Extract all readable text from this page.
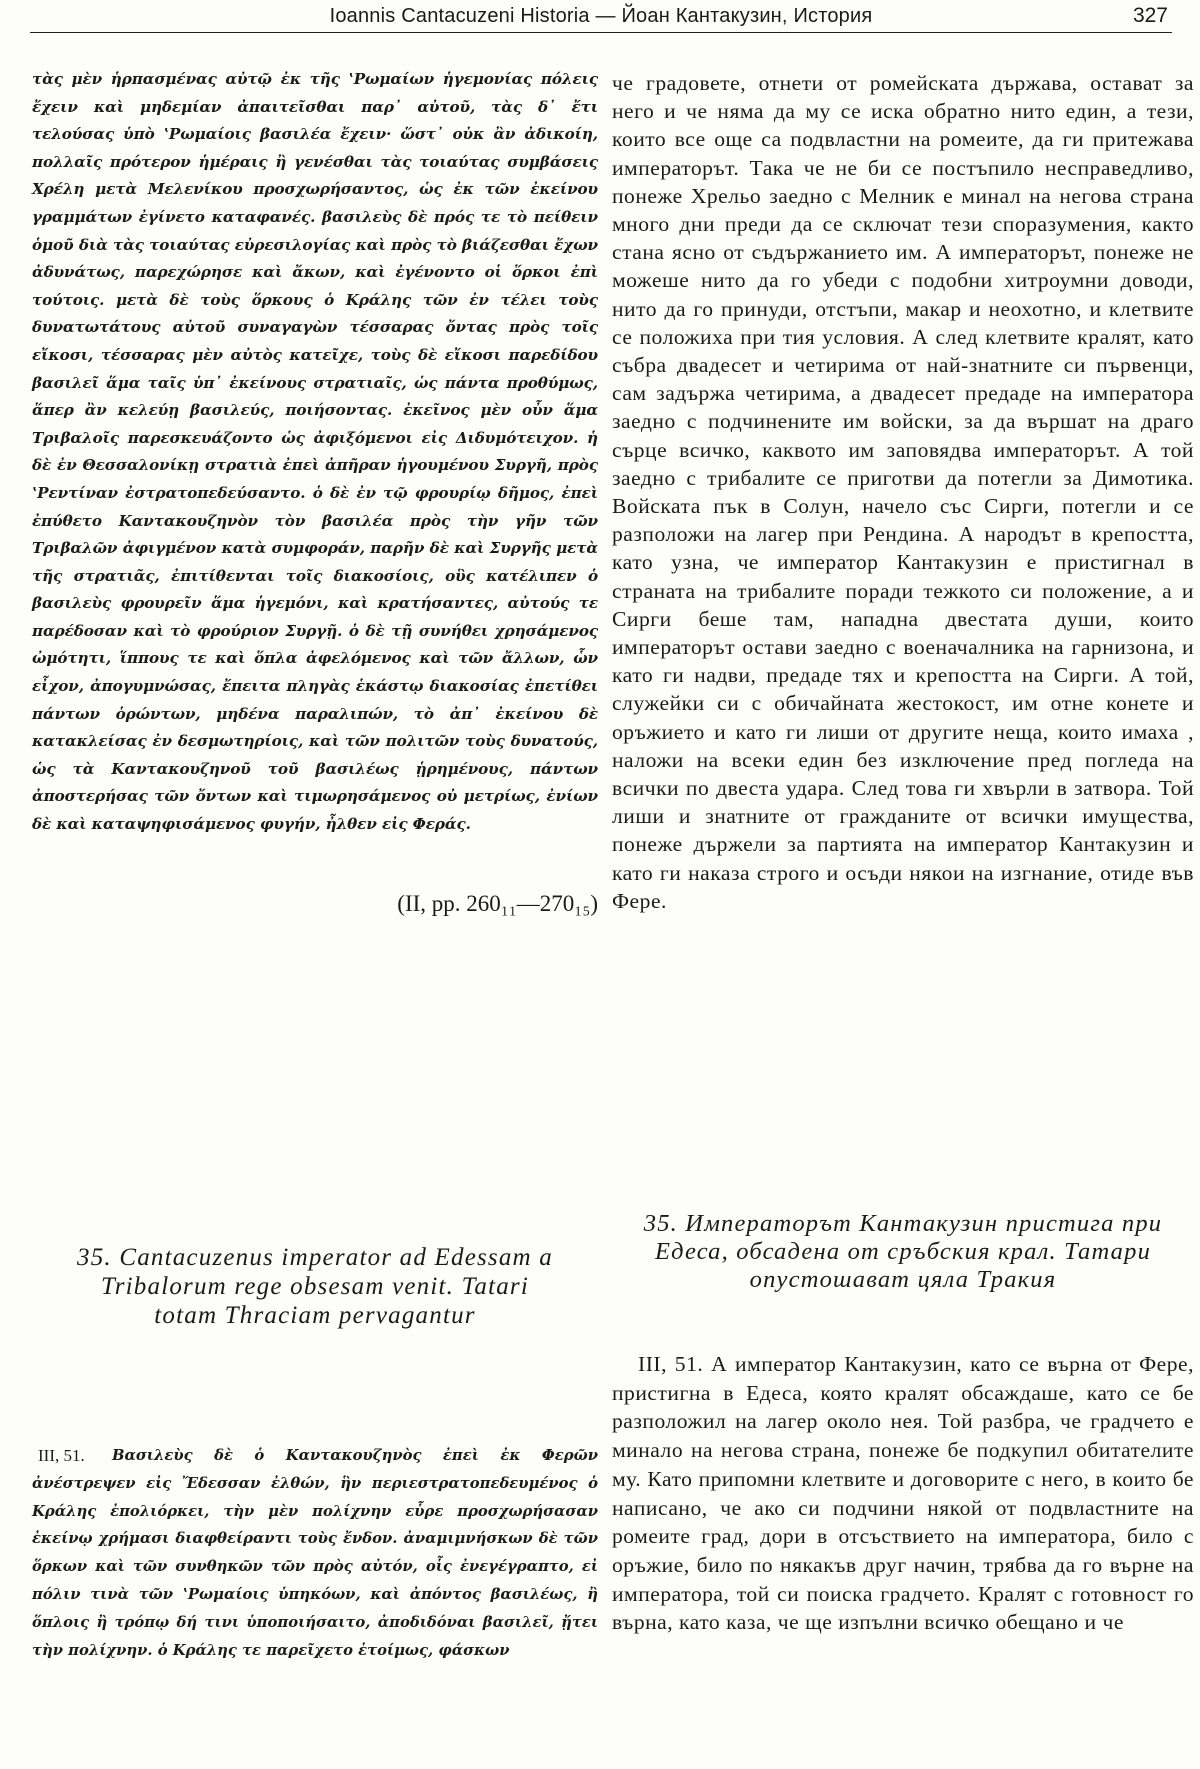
Ioannis Cantacuzeni Historia — Йоан Кантакузин, История	327

τὰς μὲν ἡρπασμένας αὐτῷ ἐκ τῆς ʽΡωμαίων ἡγεμονίας πόλεις ἔχειν καὶ μηδεμίαν ἀπαιτεῖσθαι παρ᾽ αὐτοῦ, τὰς δ᾽ ἔτι τελούσας ὑπὸ ʽΡωμαίοις βασιλέα ἔχειν· ὥστ᾽ οὐκ ἂν ἀδικοίη, πολλαῖς πρότερον ἡμέραις ἢ γενέσθαι τὰς τοιαύτας συμβάσεις Χρέλη μετὰ Μελενίκου προσχωρήσαντος, ὡς ἐκ τῶν ἐκείνου γραμμάτων ἐγίνετο καταφανές. βασιλεὺς δὲ πρός τε τὸ πείθειν ὁμοῦ διὰ τὰς τοιαύτας εὐρεσιλογίας καὶ πρὸς τὸ βιάζεσθαι ἔχων ἀδυνάτως, παρεχώρησε καὶ ἄκων, καὶ ἐγένοντο οἱ ὅρκοι ἐπὶ τούτοις. μετὰ δὲ τοὺς ὅρκους ὁ Κράλης τῶν ἐν τέλει τοὺς δυνατωτάτους αὐτοῦ συναγαγὼν τέσσαρας ὄντας πρὸς τοῖς εἴκοσι, τέσσαρας μὲν αὐτὸς κατεῖχε, τοὺς δὲ εἴκοσι παρεδίδου βασιλεῖ ἅμα ταῖς ὑπ᾽ ἐκείνους στρατιαῖς, ὡς πάντα προθύμως, ἅπερ ἂν κελεύῃ βασιλεύς, ποιήσοντας. ἐκεῖνος μὲν οὖν ἅμα Τριβαλοῖς παρεσκευάζοντο ὡς ἀφιξόμενοι εἰς Διδυμότειχον. ἡ δὲ ἐν Θεσσαλονίκῃ στρατιὰ ἐπεὶ ἀπῆραν ἡγουμένου Συργῆ, πρὸς ʽΡεντίναν ἐστρατοπεδεύσαντο. ὁ δὲ ἐν τῷ φρουρίῳ δῆμος, ἐπεὶ ἐπύθετο Καντακουζηνὸν τὸν βασιλέα πρὸς τὴν γῆν τῶν Τριβαλῶν ἀφιγμένον κατὰ συμφοράν, παρῆν δὲ καὶ Συργῆς μετὰ τῆς στρατιᾶς, ἐπιτίθενται τοῖς διακοσίοις, οὓς κατέλιπεν ὁ βασιλεὺς φρουρεῖν ἅμα ἡγεμόνι, καὶ κρατήσαντες, αὐτούς τε παρέδοσαν καὶ τὸ φρούριον Συργῇ. ὁ δὲ τῇ συνήθει χρησάμενος ὠμότητι, ἵππους τε καὶ ὅπλα ἀφελόμενος καὶ τῶν ἄλλων, ὧν εἶχον, ἀπογυμνώσας, ἔπειτα πληγὰς ἑκάστῳ διακοσίας ἐπετίθει πάντων ὁρώντων, μηδένα παραλιπών, τὸ ἀπ᾽ ἐκείνου δὲ κατακλείσας ἐν δεσμωτηρίοις, καὶ τῶν πολιτῶν τοὺς δυνατούς, ὡς τὰ Καντακουζηνοῦ τοῦ βασιλέως ᾑρημένους, πάντων ἀποστερήσας τῶν ὄντων καὶ τιμωρησάμενος οὐ μετρίως, ἐνίων δὲ καὶ καταψηφισάμενος φυγήν, ἦλθεν εἰς Φεράς.

(II, pp. 260₁₁—270₁₅)

35. Cantacuzenus imperator ad Edessam a Tribalorum rege obsesam venit. Tatari totam Thraciam pervagantur

III, 51.	Βασιλεὺς δὲ ὁ Καντακουζηνὸς ἐπεὶ ἐκ Φερῶν ἀνέστρεψεν εἰς Ἔδεσσαν ἐλθών, ἣν περιεστρατοπεδευμένος ὁ Κράλης ἐπολιόρκει, τὴν μὲν πολίχνην εὗρε προσχωρήσασαν ἐκείνῳ χρήμασι διαφθείραντι τοὺς ἔνδον. ἀναμιμνήσκων δὲ τῶν ὅρκων καὶ τῶν συνθηκῶν τῶν πρὸς αὐτόν, οἷς ἐνεγέγραπτο, εἰ πόλιν τινὰ τῶν ʽΡωμαίοις ὑπηκόων, καὶ ἀπόντος βασιλέως, ἢ ὅπλοις ἢ τρόπῳ δή τινι ὑποποιήσαιτο, ἀποδιδόναι βασιλεῖ, ᾔτει τὴν πολίχνην. ὁ Κράλης τε παρεῖχετο ἑτοίμως, φάσκων

че градовете, отнети от ромейската държава, остават за него и че няма да му се иска обратно нито един, а тези, които все още са подвластни на ромеите, да ги притежава императорът. Така че не би се постъпило несправедливо, понеже Хрельо заедно с Мелник е минал на негова страна много дни преди да се сключат тези споразумения, както стана ясно от съдържанието им. А императорът, понеже не можеше нито да го убеди с подобни хитроумни доводи, нито да го принуди, отстъпи, макар и неохотно, и клетвите се положиха при тия условия. А след клетвите кралят, като събра двадесет и четирима от най-знатните си първенци, сам задържа четирима, а двадесет предаде на императора заедно с подчинените им войски, за да вършат на драго сърце всичко, каквото им заповядва императорът. А той заедно с трибалите се приготви да потегли за Димотика. Войската пък в Солун, начело със Сирги, потегли и се разположи на лагер при Рендина. А народът в крепостта, като узна, че император Кантакузин е пристигнал в страната на трибалите поради тежкото си положение, а и Сирги беше там, нападна двестата души, които императорът остави заедно с военачалника на гарнизона, и като ги надви, предаде тях и крепостта на Сирги. А той, служейки си с обичайната жестокост, им отне конете и оръжието и като ги лиши от другите неща, които имаха , наложи на всеки един без изключение пред погледа на всички по двеста удара. След това ги хвърли в затвора. Той лиши и знатните от гражданите от всички имущества, понеже държели за партията на император Кантакузин и като ги наказа строго и осъди някои на изгнание, отиде във Фере.

35. Императорът Кантакузин пристига при Едеса, обсадена от сръбския крал. Татари опустошават цяла Тракия

III, 51. А император Кантакузин, като се върна от Фере, пристигна в Едеса, която кралят обсаждаше, като се бе разположил на лагер около нея. Той разбра, че градчето е минало на негова страна, понеже бе подкупил обитателите му. Като припомни клетвите и договорите с него, в които бе написано, че ако си подчини някой от подвластните на ромеите град, дори в отсъствието на императора, било с оръжие, било по някакъв друг начин, трябва да го върне на императора, той си поиска градчето. Кралят с готовност го върна, като каза, че ще изпълни всичко обещано и че
